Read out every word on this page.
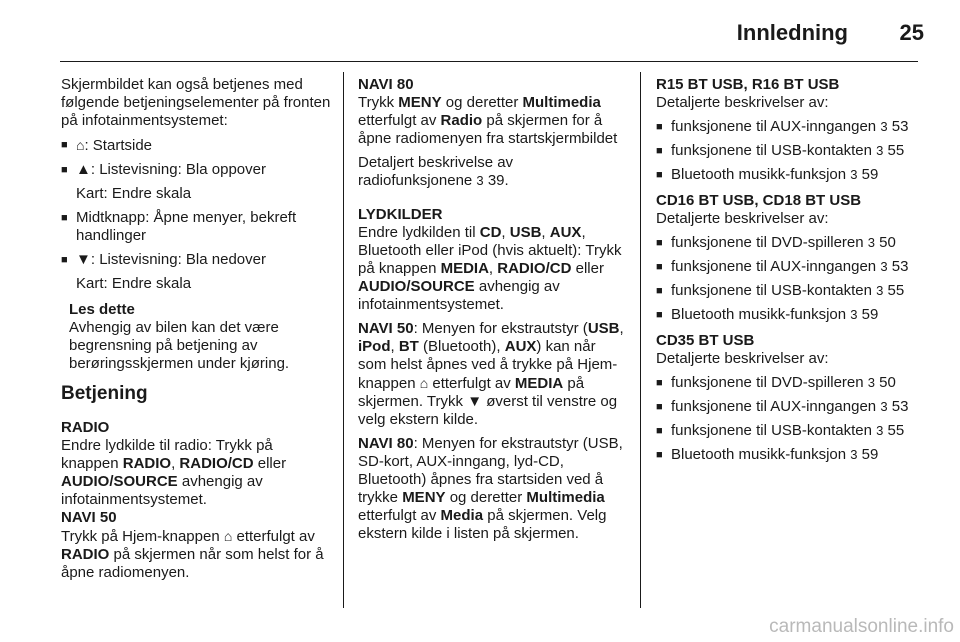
Innledning 25

Skjermbildet kan også betjenes med følgende betjeningselementer på fronten på infotainmentsystemet:

■ ⌂: Startside
■ ▲: Listevisning: Bla oppover
Kart: Endre skala
■ Midtknapp: Åpne menyer, bekreft handlinger
■ ▼: Listevisning: Bla nedover
Kart: Endre skala

Les dette

Avhengig av bilen kan det være begrensning på betjening av berøringsskjermen under kjøring.

Betjening

RADIO

Endre lydkilde til radio: Trykk på knappen RADIO, RADIO/CD eller AUDIO/SOURCE avhengig av infotainmentsystemet.

NAVI 50

Trykk på Hjem-knappen ⌂ etterfulgt av RADIO på skjermen når som helst for å åpne radiomenyen.

NAVI 80

Trykk MENY og deretter Multimedia etterfulgt av Radio på skjermen for å åpne radiomenyen fra startskjermbildet

Detaljert beskrivelse av radiofunksjonene 3 39.

LYDKILDER

Endre lydkilden til CD, USB, AUX, Bluetooth eller iPod (hvis aktuelt): Trykk på knappen MEDIA, RADIO/CD eller AUDIO/SOURCE avhengig av infotainmentsystemet.

NAVI 50: Menyen for ekstrautstyr (USB, iPod, BT (Bluetooth), AUX) kan når som helst åpnes ved å trykke på Hjem-knappen ⌂ etterfulgt av MEDIA på skjermen. Trykk ▼ øverst til venstre og velg ekstern kilde.

NAVI 80: Menyen for ekstrautstyr (USB, SD-kort, AUX-inngang, lyd-CD, Bluetooth) åpnes fra startsiden ved å trykke MENY og deretter Multimedia etterfulgt av Media på skjermen. Velg ekstern kilde i listen på skjermen.

R15 BT USB, R16 BT USB

Detaljerte beskrivelser av:

■ funksjonene til AUX-inngangen 3 53
■ funksjonene til USB-kontakten 3 55
■ Bluetooth musikk-funksjon 3 59

CD16 BT USB, CD18 BT USB

Detaljerte beskrivelser av:

■ funksjonene til DVD-spilleren 3 50
■ funksjonene til AUX-inngangen 3 53
■ funksjonene til USB-kontakten 3 55
■ Bluetooth musikk-funksjon 3 59

CD35 BT USB

Detaljerte beskrivelser av:

■ funksjonene til DVD-spilleren 3 50
■ funksjonene til AUX-inngangen 3 53
■ funksjonene til USB-kontakten 3 55
■ Bluetooth musikk-funksjon 3 59
carmanualsonline.info
